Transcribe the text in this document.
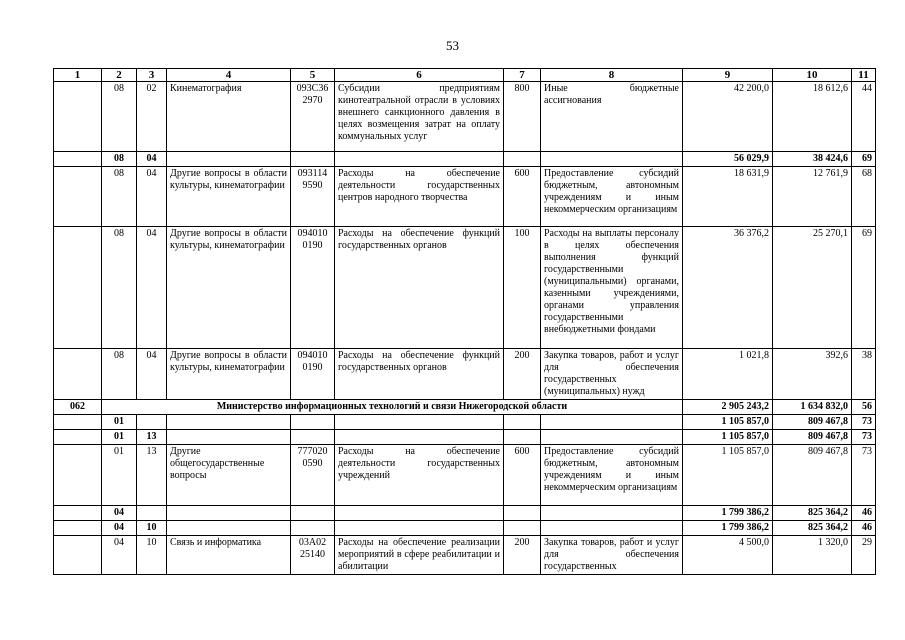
53
1	2	3	4	5	6	7	8	9	10	11
	08	02	Кинематография	093С36 2970	Субсидии предприятиям кинотеатральной отрасли в условиях внешнего санкционного давления в целях возмещения затрат на оплату коммунальных услуг	800	Иные бюджетные ассигнования	42 200,0	18 612,6	44
	08	04						56 029,9	38 424,6	69
	08	04	Другие вопросы в области культуры, кинематографии	093114 9590	Расходы на обеспечение деятельности государственных центров народного творчества	600	Предоставление субсидий бюджетным, автономным учреждениям и иным некоммерческим организациям	18 631,9	12 761,9	68
	08	04	Другие вопросы в области культуры, кинематографии	094010 0190	Расходы на обеспечение функций государственных органов	100	Расходы на выплаты персоналу в целях обеспечения выполнения функций государственными (муниципальными) органами, казенными учреждениями, органами управления государственными внебюджетными фондами	36 376,2	25 270,1	69
	08	04	Другие вопросы в области культуры, кинематографии	094010 0190	Расходы на обеспечение функций государственных органов	200	Закупка товаров, работ и услуг для обеспечения государственных (муниципальных) нужд	1 021,8	392,6	38
062	Министерство информационных технологий и связи Нижегородской области							2 905 243,2	1 634 832,0	56
	01							1 105 857,0	809 467,8	73
	01	13						1 105 857,0	809 467,8	73
	01	13	Другие общегосударственные вопросы	777020 0590	Расходы на обеспечение деятельности государственных учреждений	600	Предоставление субсидий бюджетным, автономным учреждениям и иным некоммерческим организациям	1 105 857,0	809 467,8	73
	04							1 799 386,2	825 364,2	46
	04	10						1 799 386,2	825 364,2	46
	04	10	Связь и информатика	03А02 25140	Расходы на обеспечение реализации мероприятий в сфере реабилитации и абилитации	200	Закупка товаров, работ и услуг для обеспечения государственных	4 500,0	1 320,0	29
